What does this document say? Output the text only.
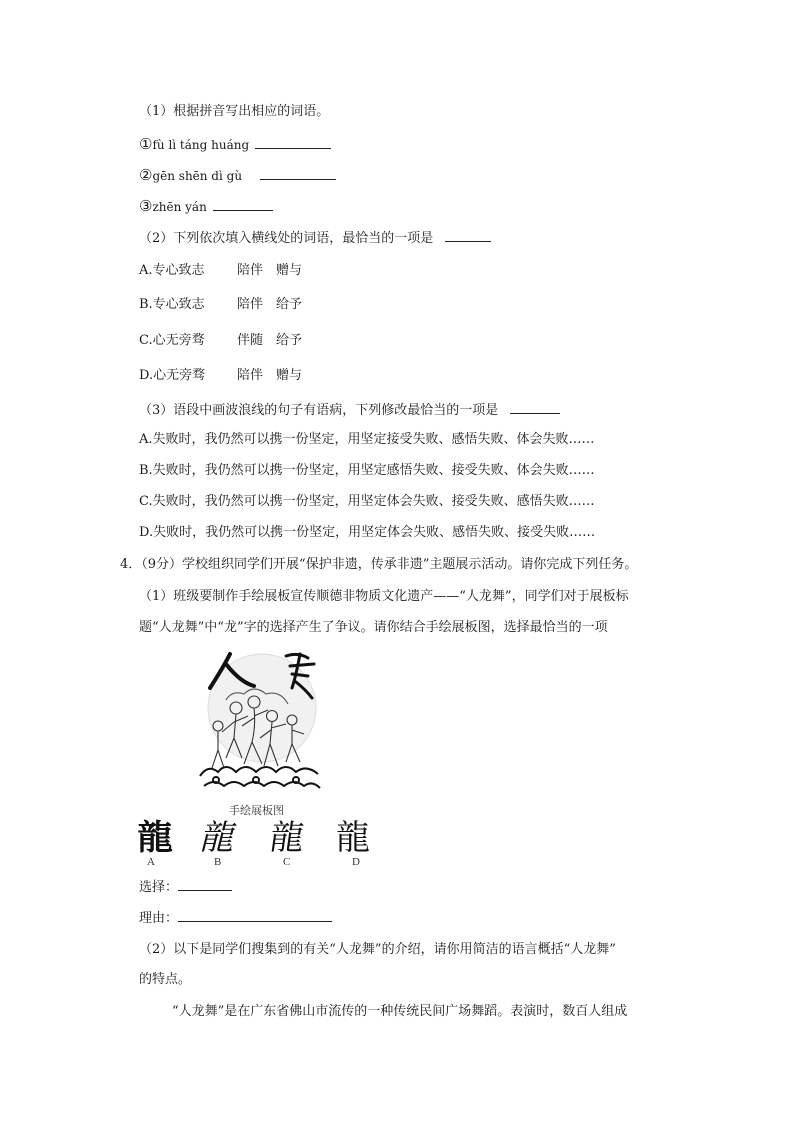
（1）根据拼音写出相应的词语。
①fù lì táng huáng
②gēn shēn dì gù
③zhēn yán
（2）下列依次填入横线处的词语，最恰当的一项是
A.专心致志 陪伴 赠与
B.专心致志 陪伴 给予
C.心无旁骛 伴随 给予
D.心无旁骛 陪伴 赠与
（3）语段中画波浪线的句子有语病，下列修改最恰当的一项是
A.失败时，我仍然可以携一份坚定，用坚定接受失败、感悟失败、体会失败……
B.失败时，我仍然可以携一份坚定，用坚定感悟失败、接受失败、体会失败……
C.失败时，我仍然可以携一份坚定，用坚定体会失败、接受失败、感悟失败……
D.失败时，我仍然可以携一份坚定，用坚定体会失败、感悟失败、接受失败……
4．（9分）学校组织同学们开展“保护非遗，传承非遗”主题展示活动。请你完成下列任务。
（1）班级要制作手绘展板宣传顺德非物质文化遗产——“人龙舞”，同学们对于展板标
题“人龙舞”中“龙”字的选择产生了争议。请你结合手绘展板图，选择最恰当的一项
手绘展板图
龍 龍 龍 龍
A	B	C	D
选择：
理由：
（2）以下是同学们搜集到的有关“人龙舞”的介绍，请你用简洁的语言概括“人龙舞”
的特点。
“人龙舞”是在广东省佛山市流传的一种传统民间广场舞蹈。表演时，数百人组成
